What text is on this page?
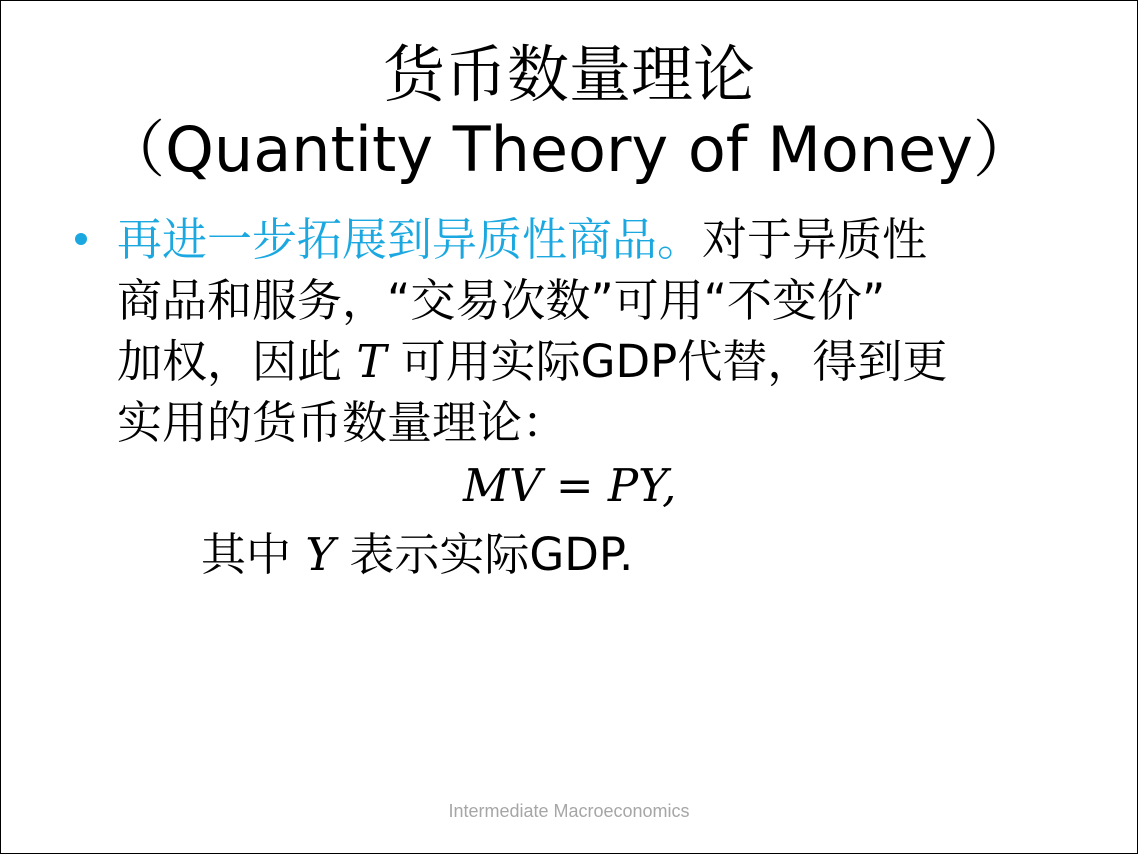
货币数量理论
（Quantity Theory of Money）
再进一步拓展到异质性商品。对于异质性
商品和服务，“交易次数”可用“不变价”
加权，因此 T 可用实际GDP代替，得到更
实用的货币数量理论：
MV = PY,
其中 Y 表示实际GDP.
Intermediate Macroeconomics
